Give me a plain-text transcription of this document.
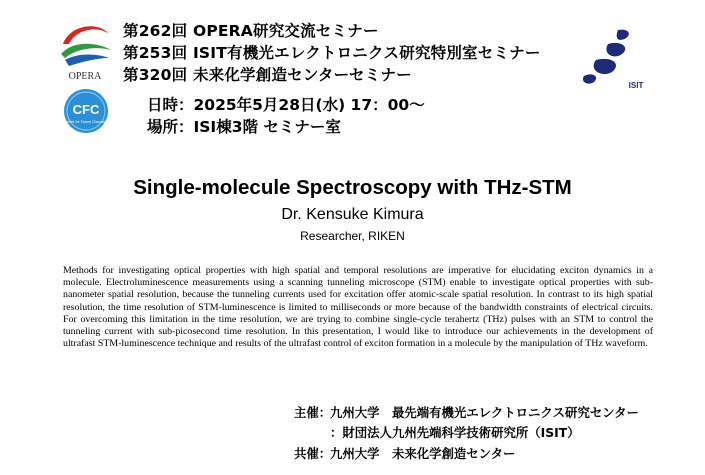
OPERA
CFC
Center for Future Chemistry
ISIT
第262回 OPERA研究交流セミナー
第253回 ISIT有機光エレクトロニクス研究特別室セミナー
第320回 未来化学創造センターセミナー
日時：2025年5月28日(水) 17：00〜
場所：ISI棟3階 セミナー室
Single-molecule Spectroscopy with THz-STM
Dr. Kensuke Kimura
Researcher, RIKEN
Methods for investigating optical properties with high spatial and temporal resolutions are imperative for elucidating exciton dynamics in a molecule. Electroluminescence measurements using a scanning tunneling microscope (STM) enable to investigate optical properties with sub-nanometer spatial resolution, because the tunneling currents used for excitation offer atomic-scale spatial resolution. In contrast to its high spatial resolution, the time resolution of STM-luminescence is limited to milliseconds or more because of the bandwidth constraints of electrical circuits. For overcoming this limitation in the time resolution, we are trying to combine single-cycle terahertz (THz) pulses with an STM to control the tunneling current with sub-picosecond time resolution. In this presentation, I would like to introduce our achievements in the development of ultrafast STM-luminescence technique and results of the ultrafast control of exciton formation in a molecule by the manipulation of THz waveform.
主催：
九州大学　最先端有機光エレクトロニクス研究センター
：財団法人九州先端科学技術研究所（ISIT）
共催：
九州大学　未来化学創造センター
